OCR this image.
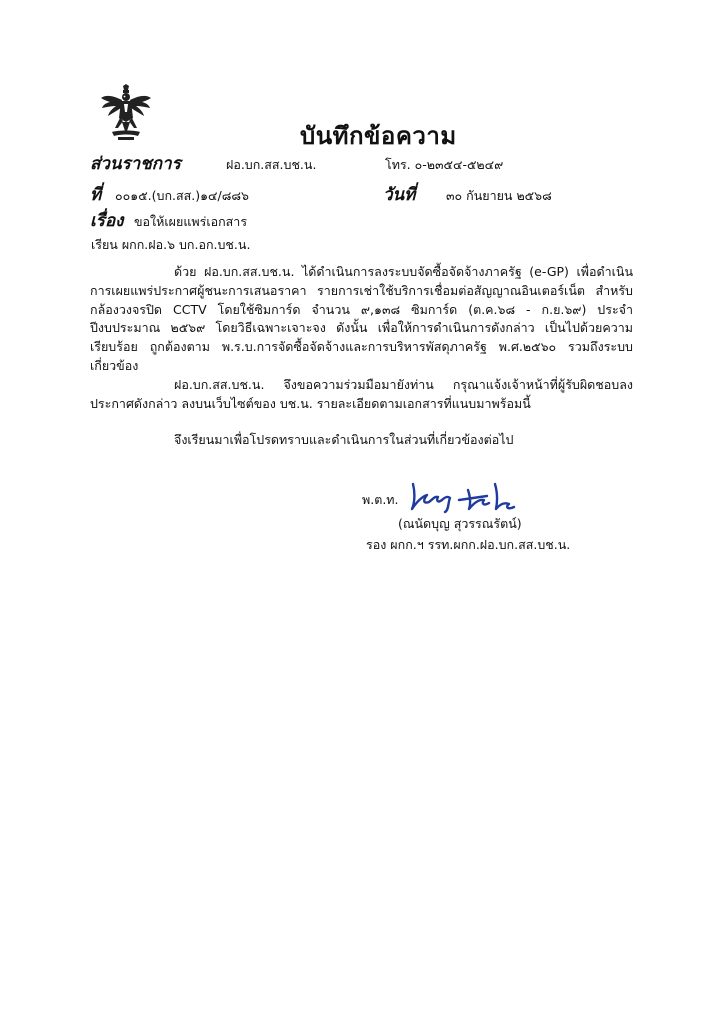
บันทึกข้อความ
ส่วนราชการ	ฝอ.บก.สส.บช.น.	โทร. ๐-๒๓๕๔-๕๒๔๙
ที่ ๐๐๑๕.(บก.สส.)๑๔/๘๘๖	วันที่ ๓๐ กันยายน ๒๕๖๘
เรื่อง ขอให้เผยแพร่เอกสาร
เรียน ผกก.ฝอ.๖ บก.อก.บช.น.

ด้วย ฝอ.บก.สส.บช.น. ได้ดำเนินการลงระบบจัดซื้อจัดจ้างภาครัฐ (e-GP) เพื่อดำเนินการเผยแพร่ประกาศผู้ชนะการเสนอราคา รายการเช่าใช้บริการเชื่อมต่อสัญญาณอินเตอร์เน็ต สำหรับกล้องวงจรปิด CCTV โดยใช้ซิมการ์ด จำนวน ๙,๑๓๘ ซิมการ์ด (ต.ค.๖๘ - ก.ย.๖๙) ประจำปีงบประมาณ ๒๕๖๙ โดยวิธีเฉพาะเจาะจง ดังนั้น เพื่อให้การดำเนินการดังกล่าว เป็นไปด้วยความเรียบร้อย ถูกต้องตาม พ.ร.บ.การจัดซื้อจัดจ้างและการบริหารพัสดุภาครัฐ พ.ศ.๒๕๖๐ รวมถึงระบบเกี่ยวข้อง

ฝอ.บก.สส.บช.น. จึงขอความร่วมมือมายังท่าน กรุณาแจ้งเจ้าหน้าที่ผู้รับผิดชอบลงประกาศดังกล่าว ลงบนเว็บไซต์ของ บช.น. รายละเอียดตามเอกสารที่แนบมาพร้อมนี้

จึงเรียนมาเพื่อโปรดทราบและดำเนินการในส่วนที่เกี่ยวข้องต่อไป

พ.ต.ท.
(ณนัดบุญ สุวรรณรัตน์)
รอง ผกก.ฯ รรท.ผกก.ฝอ.บก.สส.บช.น.
